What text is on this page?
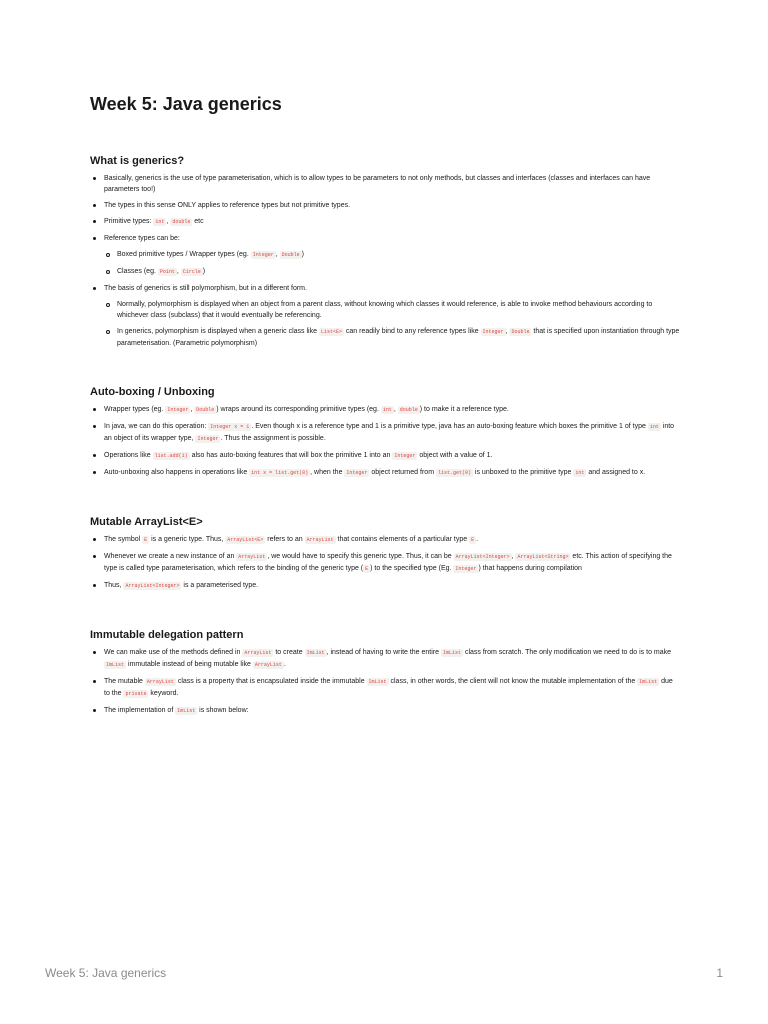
Week 5: Java generics
What is generics?
Basically, generics is the use of type parameterisation, which is to allow types to be parameters to not only methods, but classes and interfaces (classes and interfaces can have parameters too!)
The types in this sense ONLY applies to reference types but not primitive types.
Primitive types: int , double etc
Reference types can be:
Boxed primitive types / Wrapper types (eg. Integer , Double )
Classes (eg. Point , Circle )
The basis of generics is still polymorphism, but in a different form.
Normally, polymorphism is displayed when an object from a parent class, without knowing which classes it would reference, is able to invoke method behaviours according to whichever class (subclass) that it would eventually be referencing.
In generics, polymorphism is displayed when a generic class like List<E> can readily bind to any reference types like Integer , Double that is specified upon instantiation through type parameterisation. (Parametric polymorphism)
Auto-boxing / Unboxing
Wrapper types (eg. Integer , Double ) wraps around its corresponding primitive types (eg. int , double ) to make it a reference type.
In java, we can do this operation: Integer x = 1 . Even though x is a reference type and 1 is a primitive type, java has an auto-boxing feature which boxes the primitive 1 of type int into an object of its wrapper type, Integer . Thus the assignment is possible.
Operations like list.add(1) also has auto-boxing features that will box the primitive 1 into an Integer object with a value of 1.
Auto-unboxing also happens in operations like int x = list.get(0) , when the Integer object returned from list.get(0) is unboxed to the primitive type int and assigned to x.
Mutable ArrayList<E>
The symbol E is a generic type. Thus, ArrayList<E> refers to an ArrayList that contains elements of a particular type E .
Whenever we create a new instance of an ArrayList , we would have to specify this generic type. Thus, it can be ArrayList<Integer> , ArrayList<String> etc. This action of specifying the type is called type parameterisation, which refers to the binding of the generic type ( E ) to the specified type (Eg. Integer ) that happens during compilation
Thus, ArrayList<Integer> is a parameterised type.
Immutable delegation pattern
We can make use of the methods defined in ArrayList to create ImList , instead of having to write the entire ImList class from scratch. The only modification we need to do is to make ImList immutable instead of being mutable like ArrayList .
The mutable ArrayList class is a property that is encapsulated inside the immutable ImList class, in other words, the client will not know the mutable implementation of the ImList due to the private keyword.
The implementation of ImList is shown below:
Week 5: Java generics	1
